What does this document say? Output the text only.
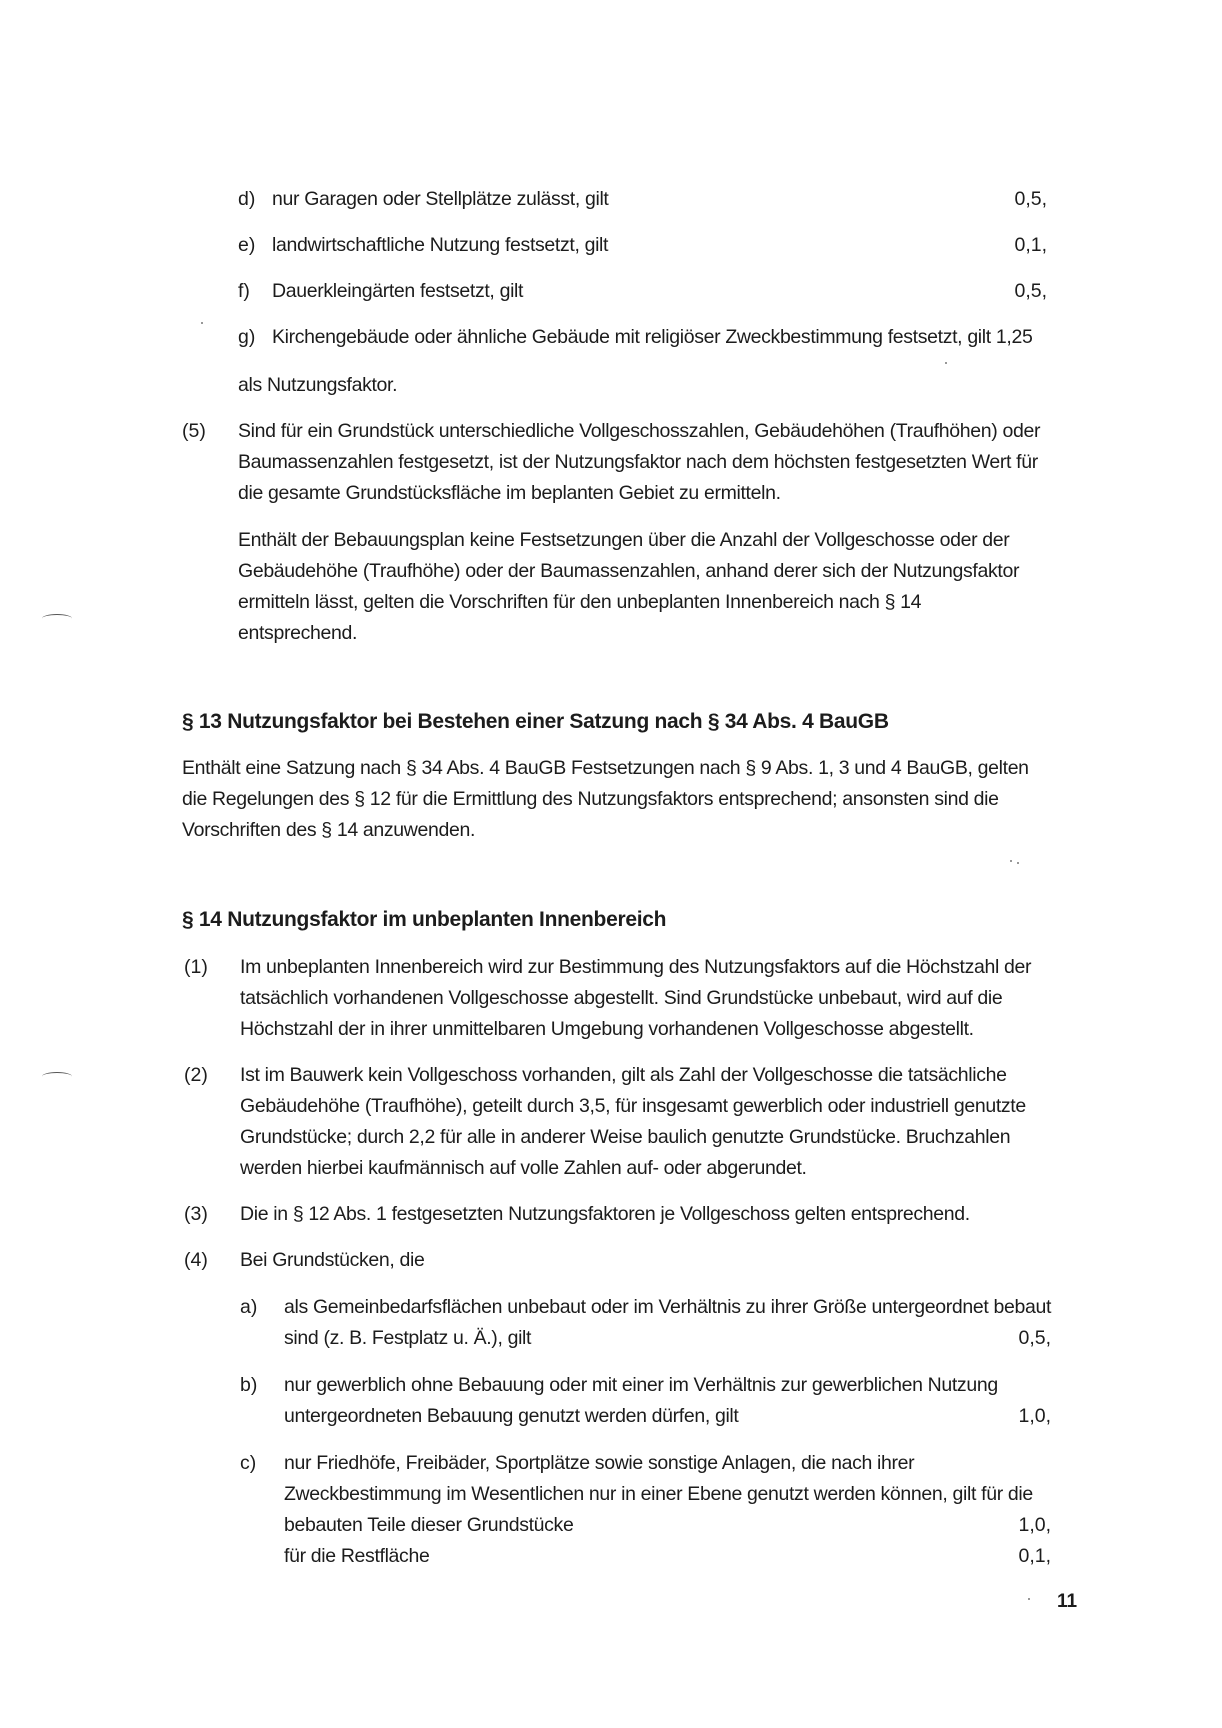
d) nur Garagen oder Stellplätze zulässt, gilt	0,5,
e) landwirtschaftliche Nutzung festsetzt, gilt	0,1,
f) Dauerkleingärten festsetzt, gilt	0,5,
g) Kirchengebäude oder ähnliche Gebäude mit religiöser Zweckbestimmung festsetzt, gilt 1,25
als Nutzungsfaktor.
(5) Sind für ein Grundstück unterschiedliche Vollgeschosszahlen, Gebäudehöhen (Traufhöhen) oder
Baumassenzahlen festgesetzt, ist der Nutzungsfaktor nach dem höchsten festgesetzten Wert für
die gesamte Grundstücksfläche im beplanten Gebiet zu ermitteln.
Enthält der Bebauungsplan keine Festsetzungen über die Anzahl der Vollgeschosse oder der
Gebäudehöhe (Traufhöhe) oder der Baumassenzahlen, anhand derer sich der Nutzungsfaktor
ermitteln lässt, gelten die Vorschriften für den unbeplanten Innenbereich nach § 14
entsprechend.
§ 13 Nutzungsfaktor bei Bestehen einer Satzung nach § 34 Abs. 4 BauGB
Enthält eine Satzung nach § 34 Abs. 4 BauGB Festsetzungen nach § 9 Abs. 1, 3 und 4 BauGB, gelten
die Regelungen des § 12 für die Ermittlung des Nutzungsfaktors entsprechend; ansonsten sind die
Vorschriften des § 14 anzuwenden.
§ 14 Nutzungsfaktor im unbeplanten Innenbereich
(1) Im unbeplanten Innenbereich wird zur Bestimmung des Nutzungsfaktors auf die Höchstzahl der
tatsächlich vorhandenen Vollgeschosse abgestellt. Sind Grundstücke unbebaut, wird auf die
Höchstzahl der in ihrer unmittelbaren Umgebung vorhandenen Vollgeschosse abgestellt.
(2) Ist im Bauwerk kein Vollgeschoss vorhanden, gilt als Zahl der Vollgeschosse die tatsächliche
Gebäudehöhe (Traufhöhe), geteilt durch 3,5, für insgesamt gewerblich oder industriell genutzte
Grundstücke; durch 2,2 für alle in anderer Weise baulich genutzte Grundstücke. Bruchzahlen
werden hierbei kaufmännisch auf volle Zahlen auf- oder abgerundet.
(3) Die in § 12 Abs. 1 festgesetzten Nutzungsfaktoren je Vollgeschoss gelten entsprechend.
(4) Bei Grundstücken, die
a) als Gemeinbedarfsflächen unbebaut oder im Verhältnis zu ihrer Größe untergeordnet bebaut
sind (z. B. Festplatz u. Ä.), gilt	0,5,
b) nur gewerblich ohne Bebauung oder mit einer im Verhältnis zur gewerblichen Nutzung
untergeordneten Bebauung genutzt werden dürfen, gilt	1,0,
c) nur Friedhöfe, Freibäder, Sportplätze sowie sonstige Anlagen, die nach ihrer
Zweckbestimmung im Wesentlichen nur in einer Ebene genutzt werden können, gilt für die
bebauten Teile dieser Grundstücke	1,0,
für die Restfläche	0,1,
11
